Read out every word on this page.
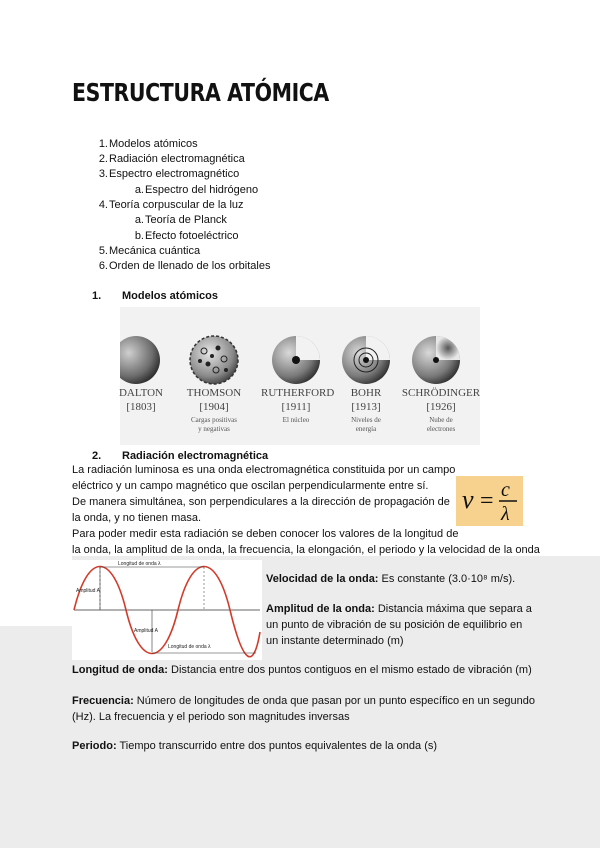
ESTRUCTURA ATÓMICA
1. Modelos atómicos
2. Radiación electromagnética
3. Espectro electromagnético
a. Espectro del hidrógeno
4. Teoría corpuscular de la luz
a. Teoría de Planck
b. Efecto fotoeléctrico
5. Mecánica cuántica
6. Orden de llenado de los orbitales
1. Modelos atómicos
DALTON
[1803]
THOMSON
[1904]
Cargas positivas
y negativas
RUTHERFORD
[1911]
El núcleo
BOHR
[1913]
Niveles de
energía
SCHRÖDINGER
[1926]
Nube de
electrones
2. Radiación electromagnética
La radiación luminosa es una onda electromagnética constituida por un campo
eléctrico y un campo magnético que oscilan perpendicularmente entre sí.
De manera simultánea, son perpendiculares a la dirección de propagación de
la onda, y no tienen masa.
Para poder medir esta radiación se deben conocer los valores de la longitud de
la onda, la amplitud de la onda, la frecuencia, la elongación, el periodo y la velocidad de la onda
ν = c
λ
Longitud de onda λ
Amplitud A
Amplitud A
Longitud de onda λ
Velocidad de la onda: Es constante (3.0·10⁸ m/s).
Amplitud de la onda: Distancia máxima que separa a
un punto de vibración de su posición de equilibrio en
un instante determinado (m)
Longitud de onda: Distancia entre dos puntos contiguos en el mismo estado de vibración (m)
Frecuencia: Número de longitudes de onda que pasan por un punto específico en un segundo
(Hz). La frecuencia y el periodo son magnitudes inversas
Periodo: Tiempo transcurrido entre dos puntos equivalentes de la onda (s)
